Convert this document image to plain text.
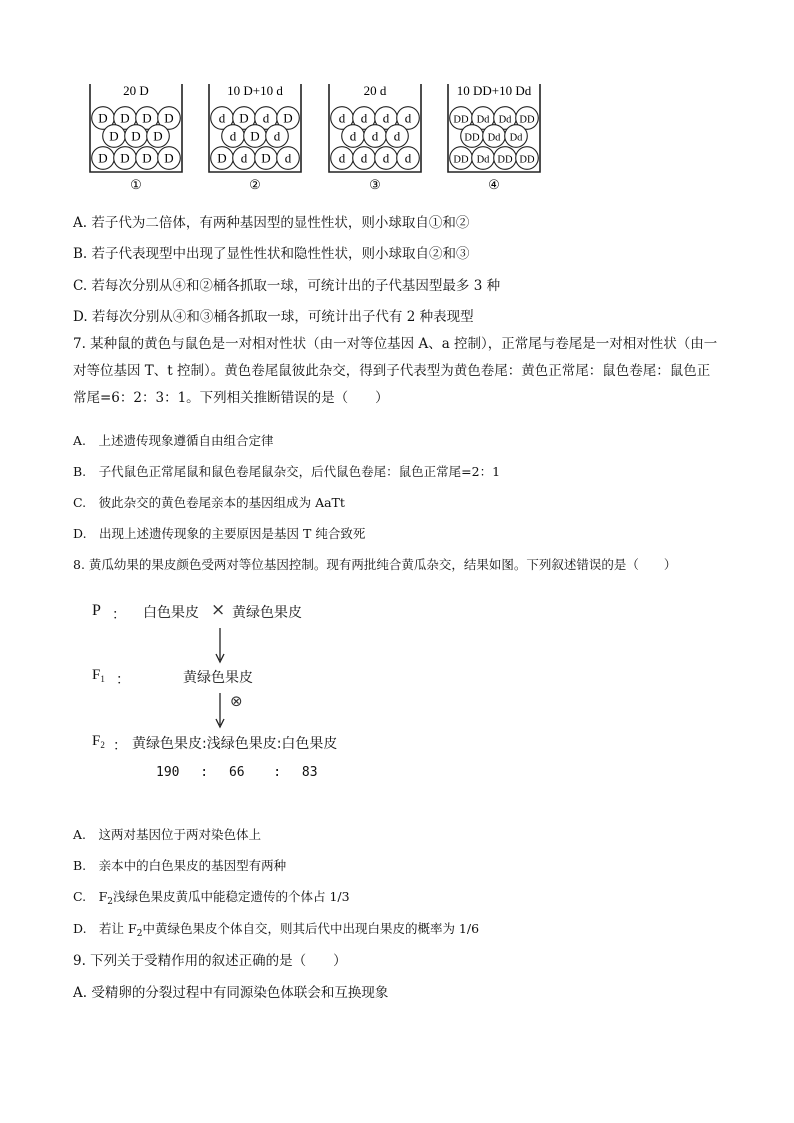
20 D
D D D D
D D D
D D D D
①
10 D+10 d
d D d D
d D d
D d D d
②
20 d
d d d d
d d d
d d d d
③
10 DD+10 Dd
DD Dd Dd DD
DD Dd Dd
DD Dd DD DD
④
A. 若子代为二倍体，有两种基因型的显性性状，则小球取自①和②
B. 若子代表现型中出现了显性性状和隐性性状，则小球取自②和③
C. 若每次分别从④和②桶各抓取一球，可统计出的子代基因型最多 3 种
D. 若每次分别从④和③桶各抓取一球，可统计出子代有 2 种表现型
7. 某种鼠的黄色与鼠色是一对相对性状（由一对等位基因 A、a 控制），正常尾与卷尾是一对相对性状（由一对等位基因 T、t 控制）。黄色卷尾鼠彼此杂交，得到子代表型为黄色卷尾：黄色正常尾：鼠色卷尾：鼠色正常尾=6：2：3：1。下列相关推断错误的是（　　）
A.　上述遗传现象遵循自由组合定律
B.　子代鼠色正常尾鼠和鼠色卷尾鼠杂交，后代鼠色卷尾：鼠色正常尾=2：1
C.　彼此杂交的黄色卷尾亲本的基因组成为 AaTt
D.　出现上述遗传现象的主要原因是基因 T 纯合致死
8. 黄瓜幼果的果皮颜色受两对等位基因控制。现有两批纯合黄瓜杂交，结果如图。下列叙述错误的是（　　）
P ： 白色果皮 × 黄绿色果皮
$F_1$ ：	黄绿色果皮
⊗
$F_2$ ： 黄绿色果皮:浅绿色果皮:白色果皮
190　 :　 66　  :　 83
A.　这两对基因位于两对染色体上
B.　亲本中的白色果皮的基因型有两种
C.　$F_2$浅绿色果皮黄瓜中能稳定遗传的个体占 1/3
D.　若让 $F_2$中黄绿色果皮个体自交，则其后代中出现白果皮的概率为 1/6
9. 下列关于受精作用的叙述正确的是（　　）
A. 受精卵的分裂过程中有同源染色体联会和互换现象
